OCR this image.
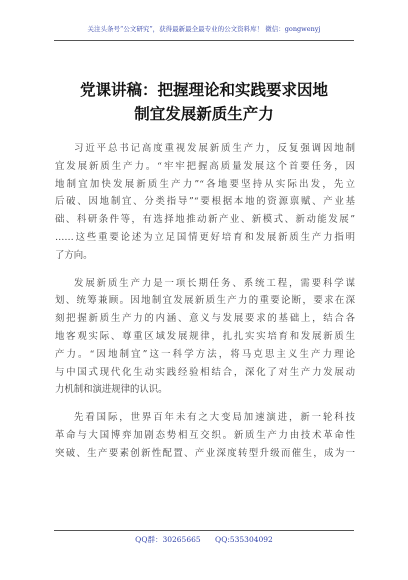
关注头条号“公文研究”，获得最新最全最专业的公文资料库！ 微信：gongwenyj
党课讲稿：把握理论和实践要求因地
制宜发展新质生产力
习近平总书记高度重视发展新质生产力，反复强调因地制
宜发展新质生产力。“牢牢把握高质量发展这个首要任务，因
地制宜加快发展新质生产力”“各地要坚持从实际出发，先立
后破、因地制宜、分类指导”“要根据本地的资源禀赋、产业基
础、科研条件等，有选择地推动新产业、新模式、新动能发展”
……这些重要论述为立足国情更好培育和发展新质生产力指明
了方向。
发展新质生产力是一项长期任务、系统工程，需要科学谋
划、统筹兼顾。因地制宜发展新质生产力的重要论断，要求在深
刻把握新质生产力的内涵、意义与发展要求的基础上，结合各
地客观实际、尊重区域发展规律，扎扎实实培育和发展新质生
产力。“因地制宜”这一科学方法，将马克思主义生产力理论
与中国式现代化生动实践经验相结合，深化了对生产力发展动
力机制和演进规律的认识。
先看国际，世界百年未有之大变局加速演进，新一轮科技
革命与大国博弈加剧态势相互交织。新质生产力由技术革命性
突破、生产要素创新性配置、产业深度转型升级而催生，成为一
QQ群：30265665 QQ:535304092
